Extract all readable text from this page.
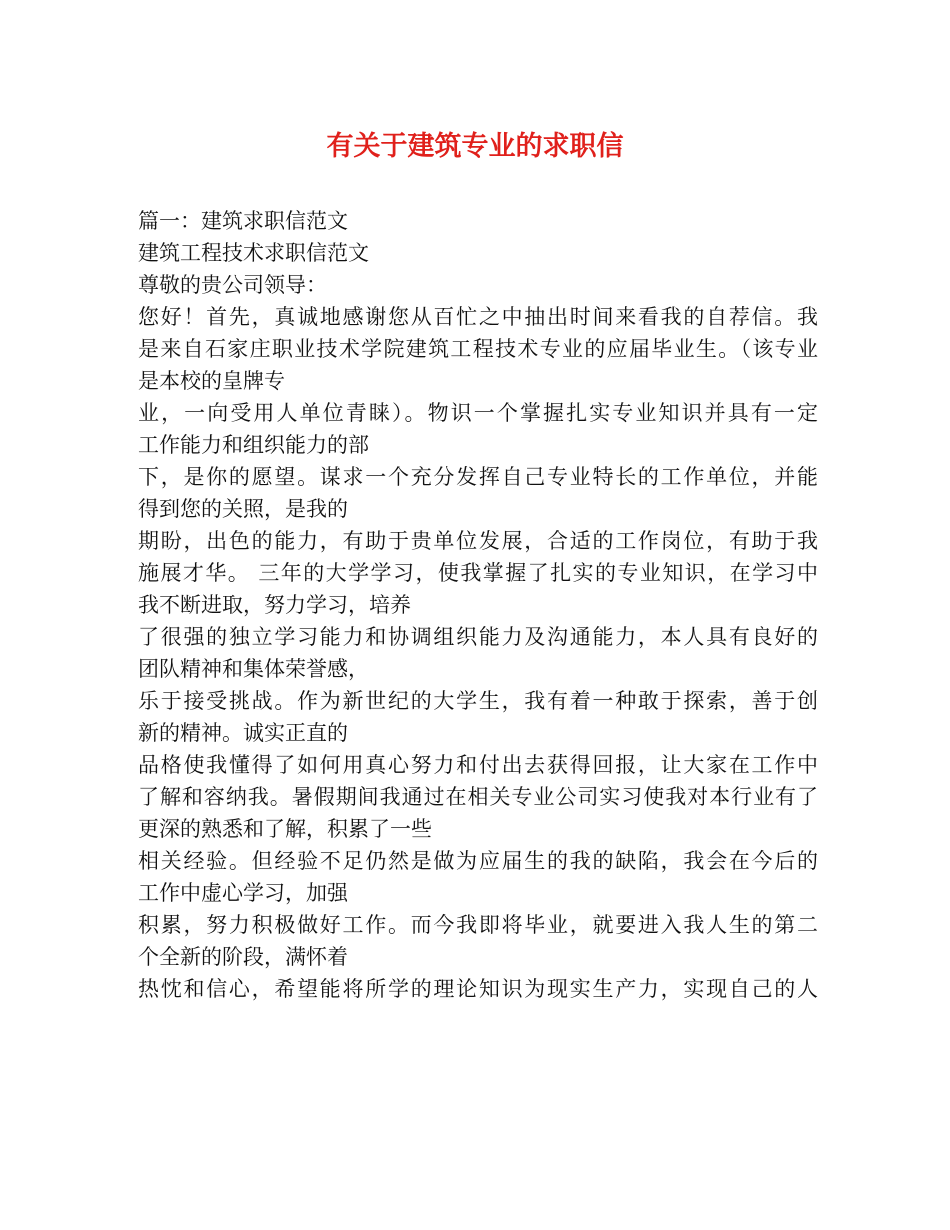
有关于建筑专业的求职信
篇一：建筑求职信范文
建筑工程技术求职信范文
尊敬的贵公司领导：
您好！首先，真诚地感谢您从百忙之中抽出时间来看我的自荐信。我
是来自石家庄职业技术学院建筑工程技术专业的应届毕业生。（该专业
是本校的皇牌专
业，一向受用人单位青睐）。物识一个掌握扎实专业知识并具有一定
工作能力和组织能力的部
下，是你的愿望。谋求一个充分发挥自己专业特长的工作单位，并能
得到您的关照，是我的
期盼，出色的能力，有助于贵单位发展，合适的工作岗位，有助于我
施展才华。 三年的大学学习，使我掌握了扎实的专业知识，在学习中
我不断进取，努力学习，培养
了很强的独立学习能力和协调组织能力及沟通能力，本人具有良好的
团队精神和集体荣誉感，
乐于接受挑战。作为新世纪的大学生，我有着一种敢于探索，善于创
新的精神。诚实正直的
品格使我懂得了如何用真心努力和付出去获得回报，让大家在工作中
了解和容纳我。暑假期间我通过在相关专业公司实习使我对本行业有了
更深的熟悉和了解，积累了一些
相关经验。但经验不足仍然是做为应届生的我的缺陷，我会在今后的
工作中虚心学习，加强
积累，努力积极做好工作。而今我即将毕业，就要进入我人生的第二
个全新的阶段，满怀着
热忱和信心，希望能将所学的理论知识为现实生产力，实现自己的人
